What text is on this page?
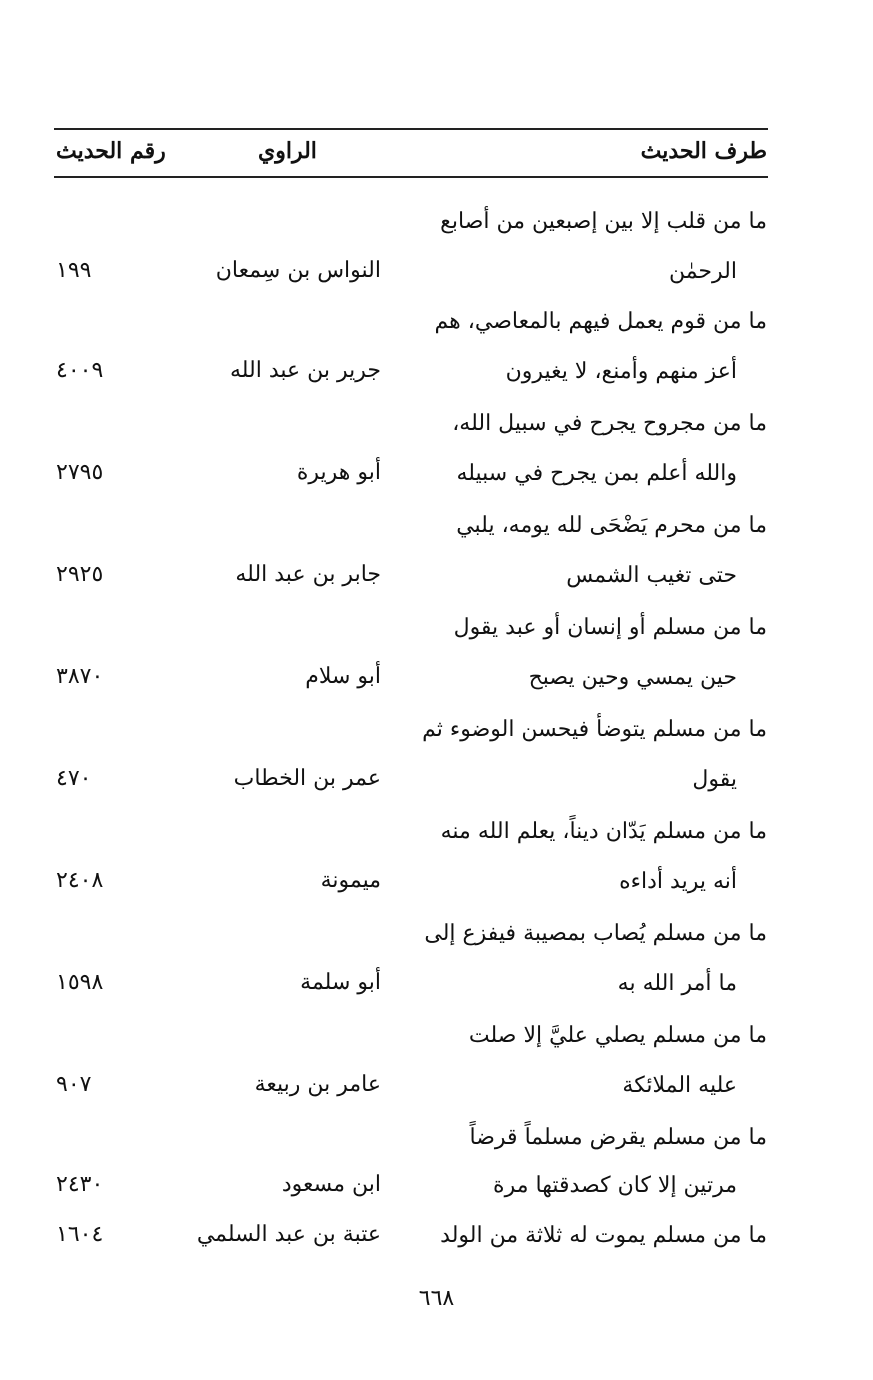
طرف الحديث
الراوي
رقم الحديث
ما من قلب إلا بين إصبعين من أصابع
الرحمٰن
النواس بن سِمعان
١٩٩
ما من قوم يعمل فيهم بالمعاصي، هم
أعز منهم وأمنع، لا يغيرون
جرير بن عبد الله
٤٠٠٩
ما من مجروح يجرح في سبيل الله،
والله أعلم بمن يجرح في سبيله
أبو هريرة
٢٧٩٥
ما من محرم يَضْحَى لله يومه، يلبي
حتى تغيب الشمس
جابر بن عبد الله
٢٩٢٥
ما من مسلم أو إنسان أو عبد يقول
حين يمسي وحين يصبح
أبو سلام
٣٨٧٠
ما من مسلم يتوضأ فيحسن الوضوء ثم
يقول
عمر بن الخطاب
٤٧٠
ما من مسلم يَدّان ديناً، يعلم الله منه
أنه يريد أداءه
ميمونة
٢٤٠٨
ما من مسلم يُصاب بمصيبة فيفزع إلى
ما أمر الله به
أبو سلمة
١٥٩٨
ما من مسلم يصلي عليَّ إلا صلت
عليه الملائكة
عامر بن ربيعة
٩٠٧
ما من مسلم يقرض مسلماً قرضاً
مرتين إلا كان كصدقتها مرة
ابن مسعود
٢٤٣٠
ما من مسلم يموت له ثلاثة من الولد
عتبة بن عبد السلمي
١٦٠٤
٦٦٨
